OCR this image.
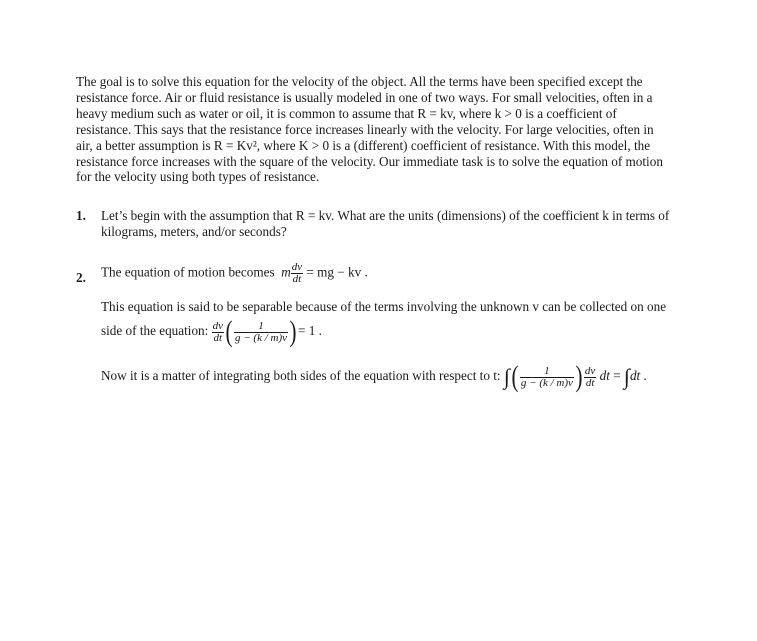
The goal is to solve this equation for the velocity of the object. All the terms have been specified except the
resistance force. Air or fluid resistance is usually modeled in one of two ways. For small velocities, often in a
heavy medium such as water or oil, it is common to assume that R = kv, where k > 0 is a coefficient of
resistance. This says that the resistance force increases linearly with the velocity. For large velocities, often in
air, a better assumption is R = Kv², where K > 0 is a (different) coefficient of resistance. With this model, the
resistance force increases with the square of the velocity. Our immediate task is to solve the equation of motion
for the velocity using both types of resistance.
1. Let’s begin with the assumption that R = kv. What are the units (dimensions) of the coefficient k in terms of
kilograms, meters, and/or seconds?
2. The equation of motion becomes  m $\frac{dv}{dt}$ = mg − kv .
This equation is said to be separable because of the terms involving the unknown v can be collected on one
side of the equation: $\frac{dv}{dt}$ ( $\frac{1}{g - (k / m)v}$ ) = 1 .
Now it is a matter of integrating both sides of the equation with respect to t: ∫( $\frac{1}{g - (k / m)v}$ ) $\frac{dv}{dt}$ dt = ∫dt .
